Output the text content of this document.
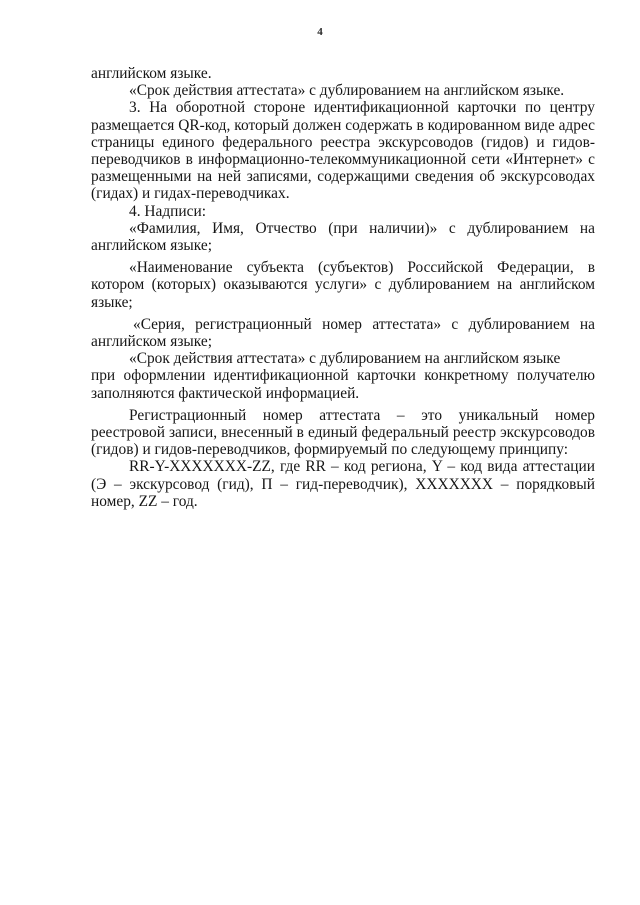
4

английском языке.

«Срок действия аттестата» с дублированием на английском языке.

3. На оборотной стороне идентификационной карточки по центру размещается QR-код, который должен содержать в кодированном виде адрес страницы единого федерального реестра экскурсоводов (гидов) и гидов-переводчиков в информационно-телекоммуникационной сети «Интернет» с размещенными на ней записями, содержащими сведения об экскурсоводах (гидах) и гидах-переводчиках.

4. Надписи:

«Фамилия, Имя, Отчество (при наличии)» с дублированием на английском языке;

«Наименование субъекта (субъектов) Российской Федерации, в котором (которых) оказываются услуги» с дублированием на английском языке;

«Серия, регистрационный номер аттестата» с дублированием на английском языке;

«Срок действия аттестата» с дублированием на английском языке

при оформлении идентификационной карточки конкретному получателю заполняются фактической информацией.

Регистрационный номер аттестата – это уникальный номер реестровой записи, внесенный в единый федеральный реестр экскурсоводов (гидов) и гидов-переводчиков, формируемый по следующему принципу:

RR-Y-XXXXXXX-ZZ, где RR – код региона, Y – код вида аттестации (Э – экскурсовод (гид), П – гид-переводчик), XXXXXXX – порядковый номер, ZZ – год.
